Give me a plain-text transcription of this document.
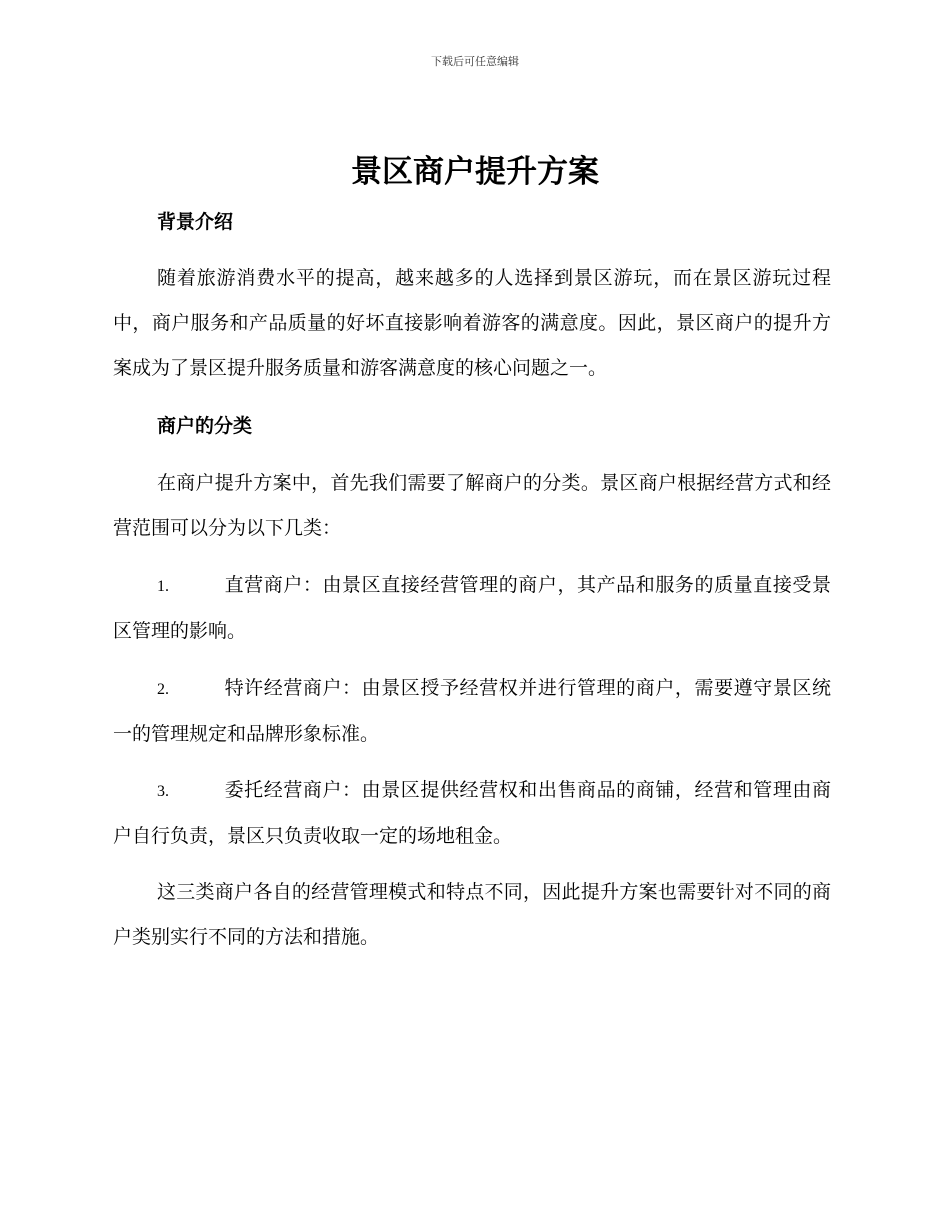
下载后可任意编辑
景区商户提升方案
背景介绍

随着旅游消费水平的提高，越来越多的人选择到景区游玩，而在景区游玩过程中，商户服务和产品质量的好坏直接影响着游客的满意度。因此，景区商户的提升方案成为了景区提升服务质量和游客满意度的核心问题之一。

商户的分类

在商户提升方案中，首先我们需要了解商户的分类。景区商户根据经营方式和经营范围可以分为以下几类：

1.	直营商户：由景区直接经营管理的商户，其产品和服务的质量直接受景区管理的影响。

2.	特许经营商户：由景区授予经营权并进行管理的商户，需要遵守景区统一的管理规定和品牌形象标准。

3.	委托经营商户：由景区提供经营权和出售商品的商铺，经营和管理由商户自行负责，景区只负责收取一定的场地租金。

这三类商户各自的经营管理模式和特点不同，因此提升方案也需要针对不同的商户类别实行不同的方法和措施。
